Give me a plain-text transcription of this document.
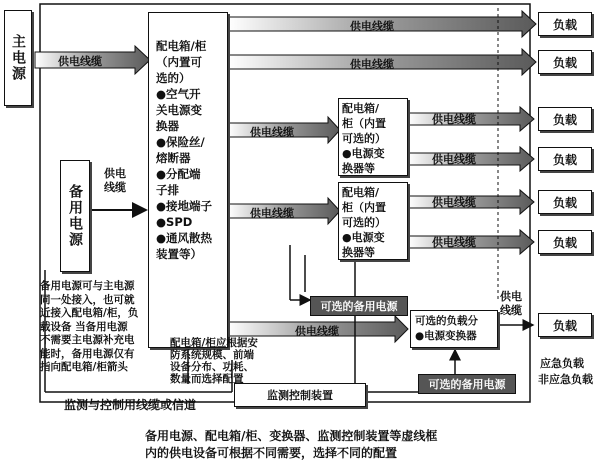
主电源	供电线缆
备用电源
供电
线缆
配电箱/柜
（内置可
选的）
●空气开
关电源变
换器
●保险丝/
熔断器
●分配端
子排
●接地端子
●SPD
●通风散热
装置等）
供电线缆
供电线缆
供电线缆
供电线缆
供电线缆
供电线缆
供电线缆
供电线缆
供电线缆
配电箱/
柜（内置
可选的）
●电源变
换器等
配电箱/
柜（内置
可选的）
●电源变
换器等
负载
负载
负载
负载
负载
负载
负载
可选的备用电源
可选的负载分
●电源变换器
可选的备用电源
监测控制装置
备用电源可与主电源
同一处接入，也可就
近接入配电箱/柜，负
载设备 当备用电源
不需要主电源补充电
能时，备用电源仅有
指向配电箱/柜箭头
配电箱/柜应根据安
防系统规模、前端
设备分布、功耗、
数量而选择配置
供电
线缆
应急负载
非应急负载
监测与控制用线缆或信道
备用电源、配电箱/柜、变换器、监测控制装置等虚线框
内的供电设备可根据不同需要，选择不同的配置
